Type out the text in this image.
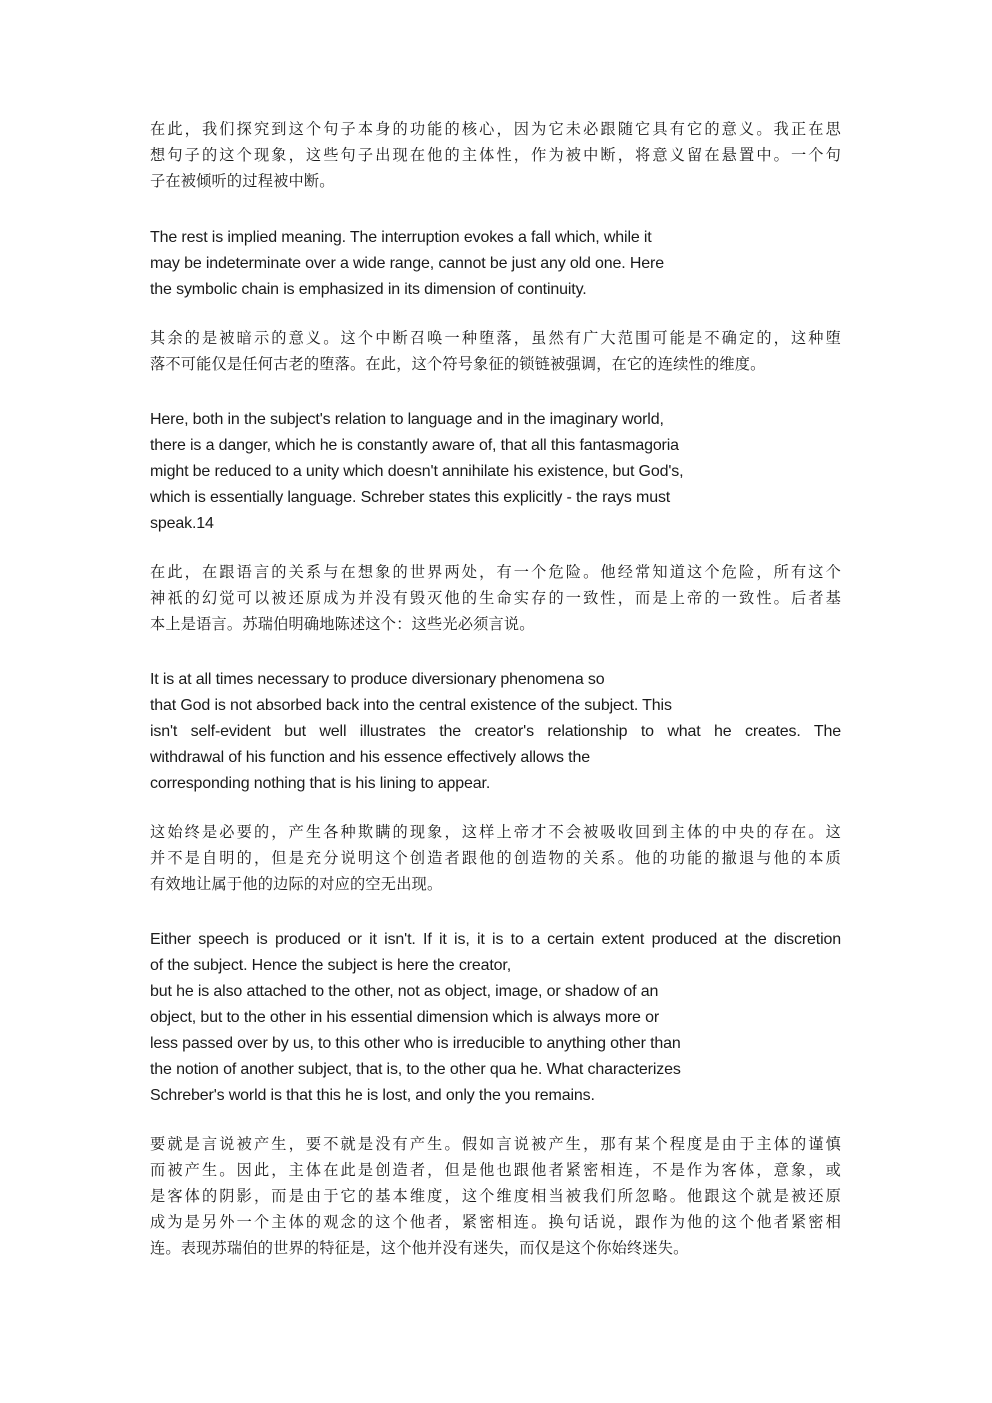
在此，我们探究到这个句子本身的功能的核心，因为它未必跟随它具有它的意义。我正在思
想句子的这个现象，这些句子出现在他的主体性，作为被中断，将意义留在悬置中。一个句
子在被倾听的过程被中断。

The rest is implied meaning. The interruption evokes a fall which, while it
may be indeterminate over a wide range, cannot be just any old one. Here
the symbolic chain is emphasized in its dimension of continuity.

其余的是被暗示的意义。这个中断召唤一种堕落，虽然有广大范围可能是不确定的，这种堕
落不可能仅是任何古老的堕落。在此，这个符号象征的锁链被强调，在它的连续性的维度。

Here, both in the subject's relation to language and in the imaginary world,
there is a danger, which he is constantly aware of, that all this fantasmagoria
might be reduced to a unity which doesn't annihilate his existence, but God's,
which is essentially language. Schreber states this explicitly - the rays must
speak.14

在此，在跟语言的关系与在想象的世界两处，有一个危险。他经常知道这个危险，所有这个
神祇的幻觉可以被还原成为并没有毁灭他的生命实存的一致性，而是上帝的一致性。后者基
本上是语言。苏瑞伯明确地陈述这个：这些光必须言说。

It is at all times necessary to produce diversionary phenomena so
that God is not absorbed back into the central existence of the subject. This
isn't self-evident but well illustrates the creator's relationship to what he creates. The
withdrawal of his function and his essence effectively allows the
corresponding nothing that is his lining to appear.

这始终是必要的，产生各种欺瞒的现象，这样上帝才不会被吸收回到主体的中央的存在。这
并不是自明的，但是充分说明这个创造者跟他的创造物的关系。他的功能的撤退与他的本质
有效地让属于他的边际的对应的空无出现。

Either speech is produced or it isn't. If it is, it is to a certain extent produced at the discretion
of the subject. Hence the subject is here the creator,
but he is also attached to the other, not as object, image, or shadow of an
object, but to the other in his essential dimension which is always more or
less passed over by us, to this other who is irreducible to anything other than
the notion of another subject, that is, to the other qua he. What characterizes
Schreber's world is that this he is lost, and only the you remains.

要就是言说被产生，要不就是没有产生。假如言说被产生，那有某个程度是由于主体的谨慎
而被产生。因此，主体在此是创造者，但是他也跟他者紧密相连，不是作为客体，意象，或
是客体的阴影，而是由于它的基本维度，这个维度相当被我们所忽略。他跟这个就是被还原
成为是另外一个主体的观念的这个他者，紧密相连。换句话说，跟作为他的这个他者紧密相
连。表现苏瑞伯的世界的特征是，这个他并没有迷失，而仅是这个你始终迷失。
